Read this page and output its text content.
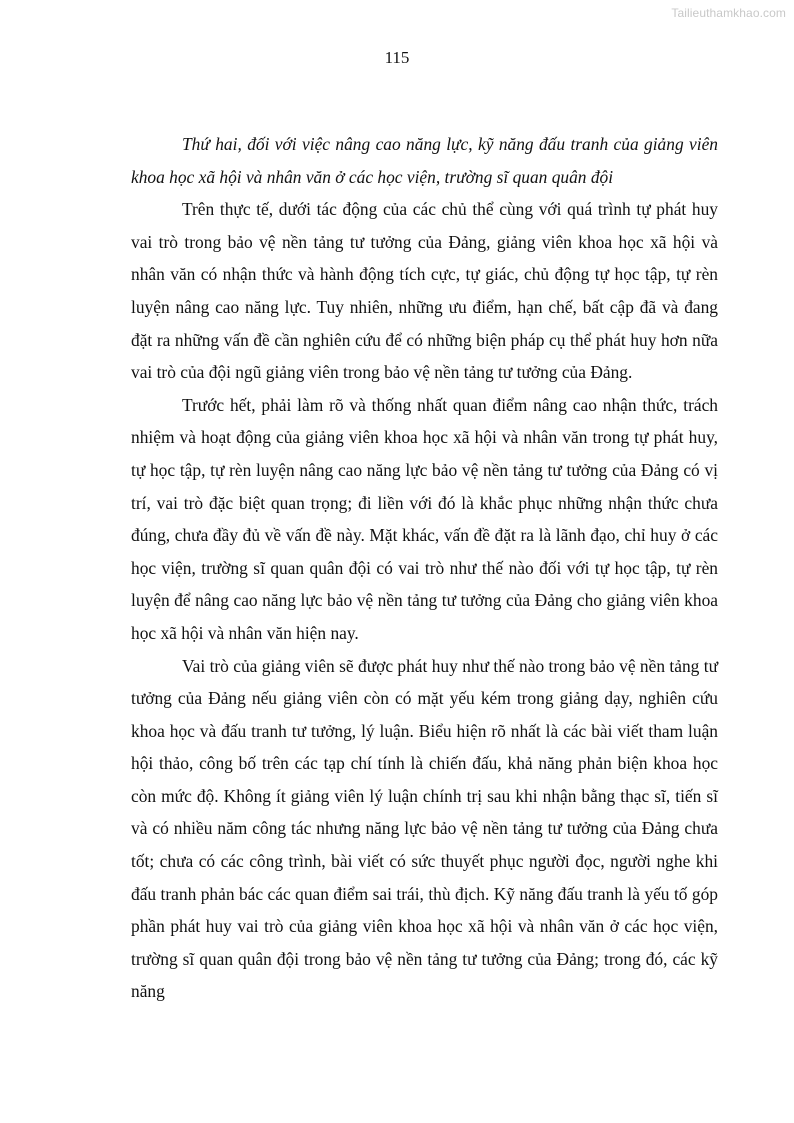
Tailieuthamkhao.com
115

Thứ hai, đối với việc nâng cao năng lực, kỹ năng đấu tranh của giảng viên khoa học xã hội và nhân văn ở các học viện, trường sĩ quan quân đội

Trên thực tế, dưới tác động của các chủ thể cùng với quá trình tự phát huy vai trò trong bảo vệ nền tảng tư tưởng của Đảng, giảng viên khoa học xã hội và nhân văn có nhận thức và hành động tích cực, tự giác, chủ động tự học tập, tự rèn luyện nâng cao năng lực. Tuy nhiên, những ưu điểm, hạn chế, bất cập đã và đang đặt ra những vấn đề cần nghiên cứu để có những biện pháp cụ thể phát huy hơn nữa vai trò của đội ngũ giảng viên trong bảo vệ nền tảng tư tưởng của Đảng.

Trước hết, phải làm rõ và thống nhất quan điểm nâng cao nhận thức, trách nhiệm và hoạt động của giảng viên khoa học xã hội và nhân văn trong tự phát huy, tự học tập, tự rèn luyện nâng cao năng lực bảo vệ nền tảng tư tưởng của Đảng có vị trí, vai trò đặc biệt quan trọng; đi liền với đó là khắc phục những nhận thức chưa đúng, chưa đầy đủ về vấn đề này. Mặt khác, vấn đề đặt ra là lãnh đạo, chỉ huy ở các học viện, trường sĩ quan quân đội có vai trò như thế nào đối với tự học tập, tự rèn luyện để nâng cao năng lực bảo vệ nền tảng tư tưởng của Đảng cho giảng viên khoa học xã hội và nhân văn hiện nay.

Vai trò của giảng viên sẽ được phát huy như thế nào trong bảo vệ nền tảng tư tưởng của Đảng nếu giảng viên còn có mặt yếu kém trong giảng dạy, nghiên cứu khoa học và đấu tranh tư tưởng, lý luận. Biểu hiện rõ nhất là các bài viết tham luận hội thảo, công bố trên các tạp chí tính là chiến đấu, khả năng phản biện khoa học còn mức độ. Không ít giảng viên lý luận chính trị sau khi nhận bằng thạc sĩ, tiến sĩ và có nhiều năm công tác nhưng năng lực bảo vệ nền tảng tư tưởng của Đảng chưa tốt; chưa có các công trình, bài viết có sức thuyết phục người đọc, người nghe khi đấu tranh phản bác các quan điểm sai trái, thù địch. Kỹ năng đấu tranh là yếu tố góp phần phát huy vai trò của giảng viên khoa học xã hội và nhân văn ở các học viện, trường sĩ quan quân đội trong bảo vệ nền tảng tư tưởng của Đảng; trong đó, các kỹ năng
